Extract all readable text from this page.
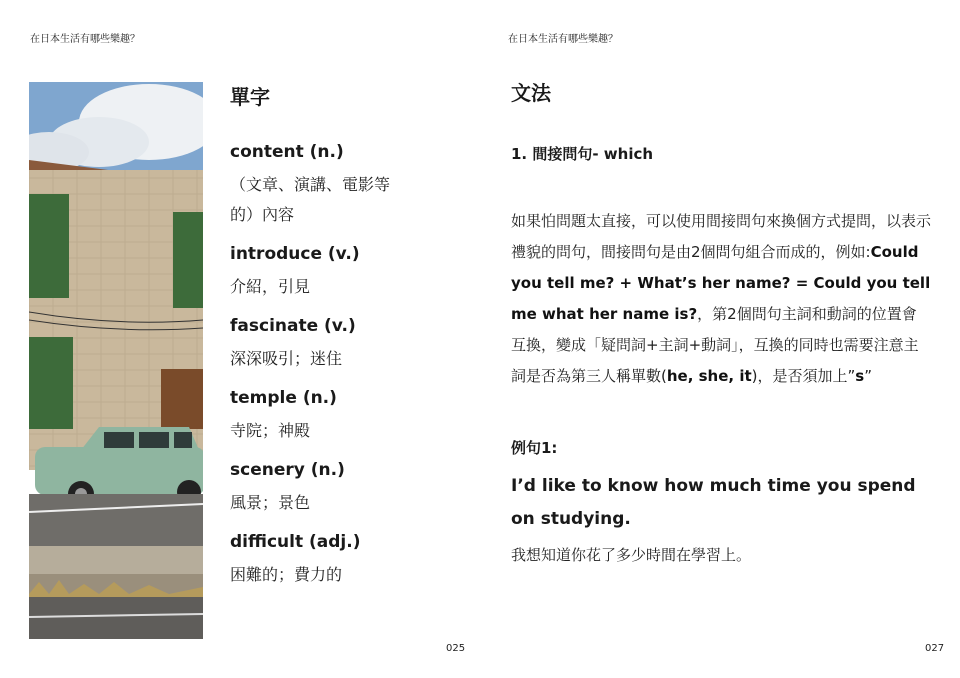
在日本生活有哪些樂趣？
單字
content (n.)
（文章、演講、電影等的）內容
introduce (v.)
介紹，引見
fascinate (v.)
深深吸引；迷住
temple (n.)
寺院；神殿
scenery (n.)
風景；景色
difficult (adj.)
困難的；費力的
025
在日本生活有哪些樂趣？
文法
1. 間接問句- which
如果怕問題太直接，可以使用間接問句來換個方式提問，以表示禮貌的問句，間接問句是由2個問句組合而成的，例如:Could you tell me? + What’s her name? = Could you tell me what her name is?，第2個問句主詞和動詞的位置會互換，變成「疑問詞+主詞+動詞」，互換的同時也需要注意主詞是否為第三人稱單數(he, she, it)，是否須加上”s”
例句1:
I’d like to know how much time you spend on studying.
我想知道你花了多少時間在學習上。
027
